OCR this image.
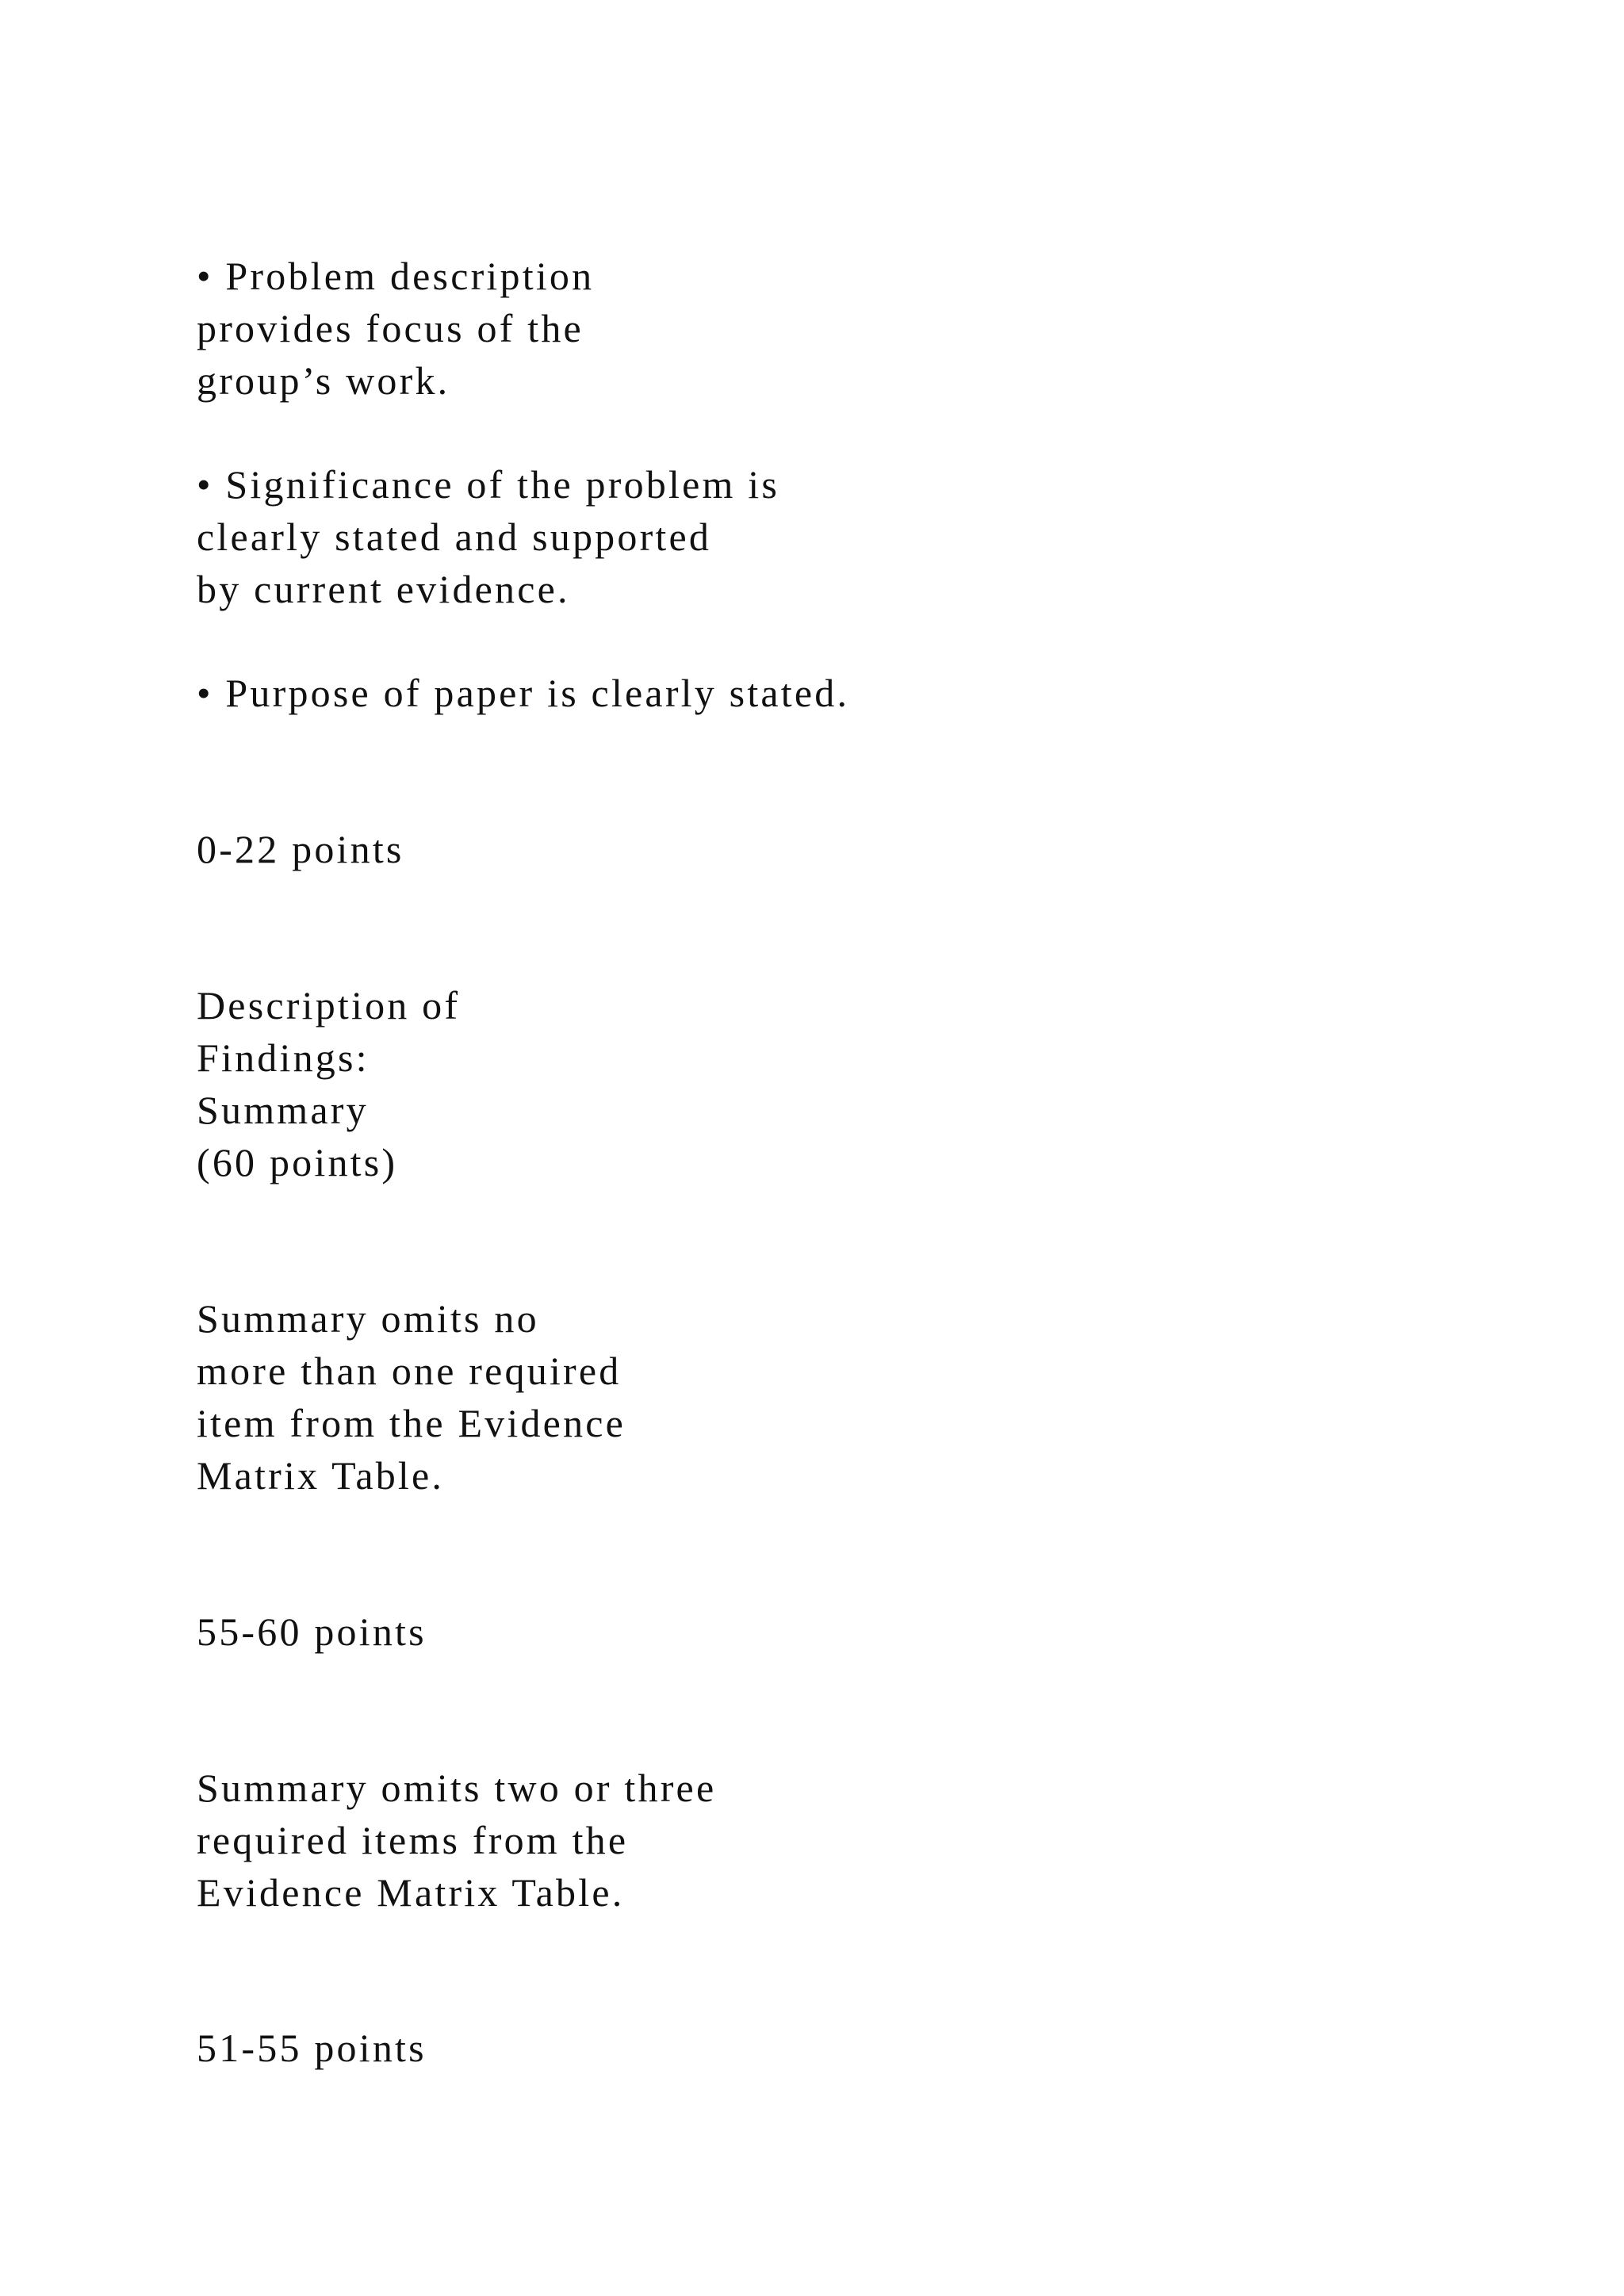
• Problem description
provides focus of the
group’s work.
• Significance of the problem is
clearly stated and supported
by current evidence.
• Purpose of paper is clearly stated.
0-22 points
Description of
Findings:
Summary
(60 points)
Summary omits no
more than one required
item from the Evidence
Matrix Table.
55-60 points
Summary omits two or three
required items from the
Evidence Matrix Table.
51-55 points
